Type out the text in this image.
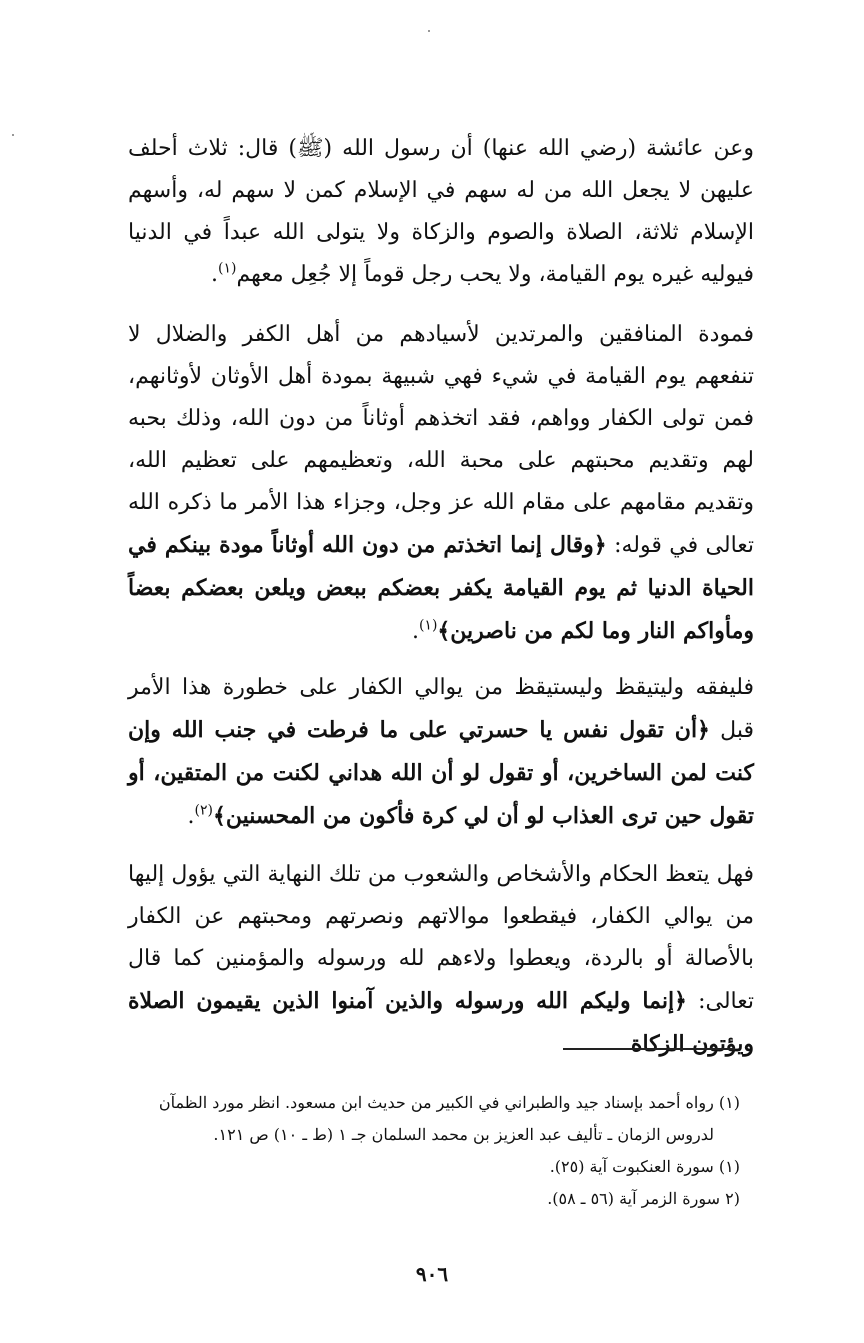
وعن عائشة (رضي الله عنها) أن رسول الله (ﷺ) قال: ثلاث أحلف عليهن لا يجعل الله من له سهم في الإسلام كمن لا سهم له، وأسهم الإسلام ثلاثة، الصلاة والصوم والزكاة ولا يتولى الله عبداً في الدنيا فيوليه غيره يوم القيامة، ولا يحب رجل قوماً إلا جُعِل معهم$^{(١)}$.
فمودة المنافقين والمرتدين لأسيادهم من أهل الكفر والضلال لا تنفعهم يوم القيامة في شيء فهي شبيهة بمودة أهل الأوثان لأوثانهم، فمن تولى الكفار وواهم، فقد اتخذهم أوثاناً من دون الله، وذلك بحبه لهم وتقديم محبتهم على محبة الله، وتعظيمهم على تعظيم الله، وتقديم مقامهم على مقام الله عز وجل، وجزاء هذا الأمر ما ذكره الله تعالى في قوله: ﴿وقال إنما اتخذتم من دون الله أوثاناً مودة بينكم في الحياة الدنيا ثم يوم القيامة يكفر بعضكم ببعض ويلعن بعضكم بعضاً ومأواكم النار وما لكم من ناصرين﴾$^{(١)}$.
فليفقه وليتيقظ وليستيقظ من يوالي الكفار على خطورة هذا الأمر قبل ﴿أن تقول نفس يا حسرتي على ما فرطت في جنب الله وإن كنت لمن الساخرين، أو تقول لو أن الله هداني لكنت من المتقين، أو تقول حين ترى العذاب لو أن لي كرة فأكون من المحسنين﴾$^{(٢)}$.
فهل يتعظ الحكام والأشخاص والشعوب من تلك النهاية التي يؤول إليها من يوالي الكفار، فيقطعوا موالاتهم ونصرتهم ومحبتهم عن الكفار بالأصالة أو بالردة، ويعطوا ولاءهم لله ورسوله والمؤمنين كما قال تعالى: ﴿إنما وليكم الله ورسوله والذين آمنوا الذين يقيمون الصلاة ويؤتون الزكاة

(١) رواه أحمد بإسناد جيد والطبراني في الكبير من حديث ابن مسعود. انظر مورد الظمآن

لدروس الزمان ـ تأليف عبد العزيز بن محمد السلمان جـ ١ (ط ـ ١٠) ص ١٢١.

(١) سورة العنكبوت آية (٢٥).

(٢ سورة الزمر آية (٥٦ ـ ٥٨).

٩٠٦
